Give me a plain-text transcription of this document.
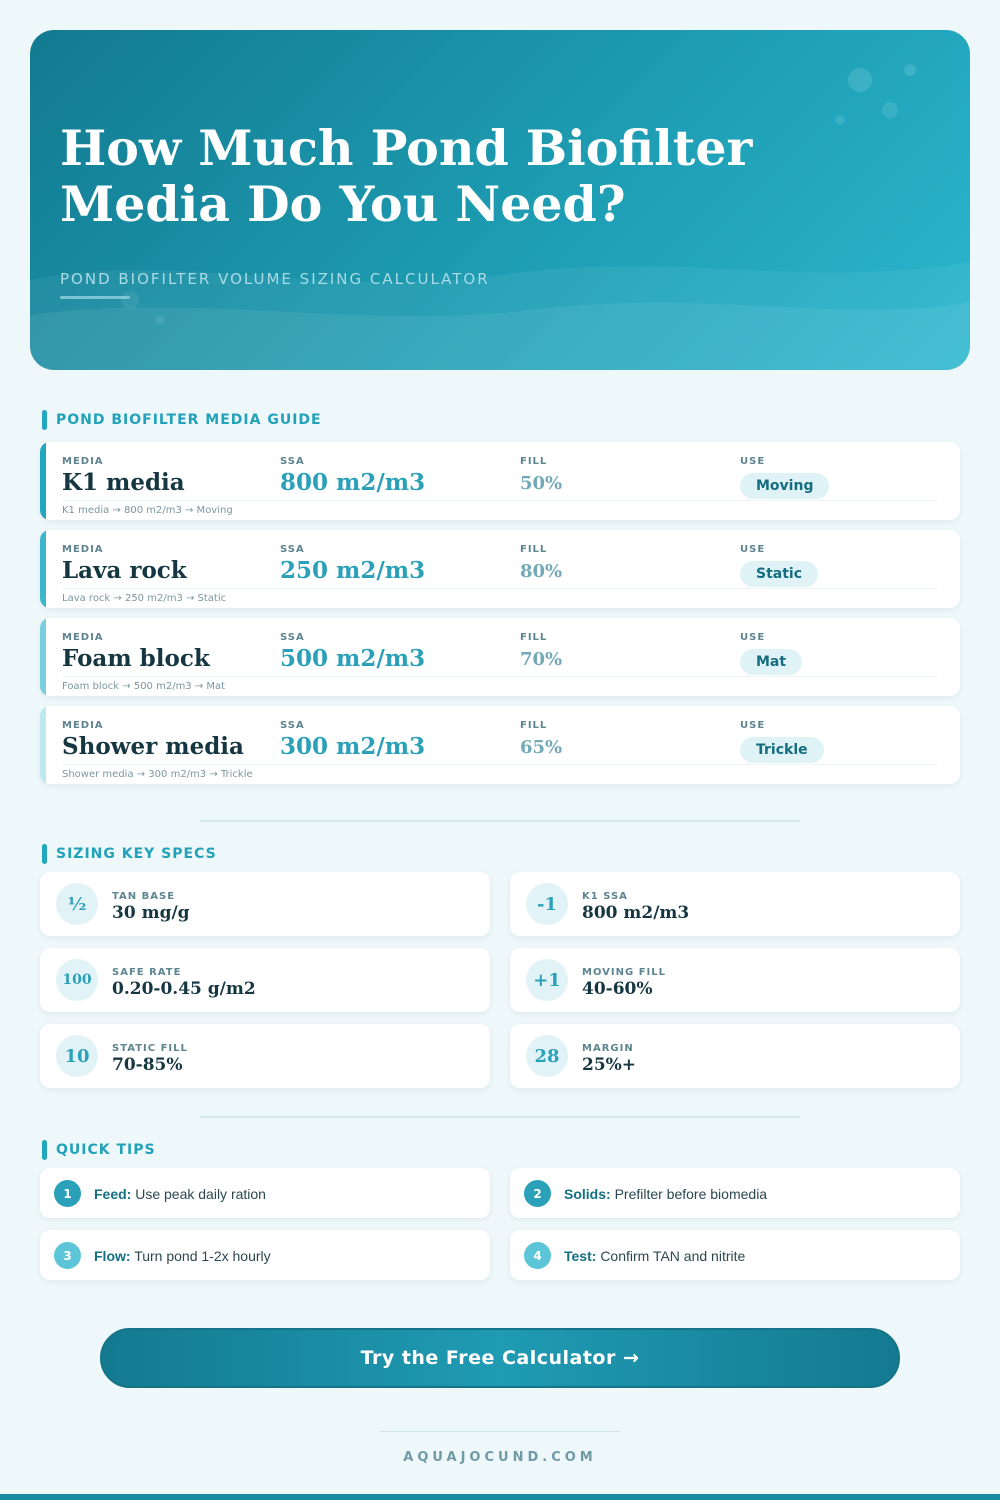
How Much Pond Biofilter
Media Do You Need?
POND BIOFILTER VOLUME SIZING CALCULATOR
POND BIOFILTER MEDIA GUIDE
MEDIA
K1 media
SSA
800 m2/m3
FILL
50%
USE
Moving
K1 media → 800 m2/m3 → Moving
MEDIA
Lava rock
SSA
250 m2/m3
FILL
80%
USE
Static
Lava rock → 250 m2/m3 → Static
MEDIA
Foam block
SSA
500 m2/m3
FILL
70%
USE
Mat
Foam block → 500 m2/m3 → Mat
MEDIA
Shower media
SSA
300 m2/m3
FILL
65%
USE
Trickle
Shower media → 300 m2/m3 → Trickle
SIZING KEY SPECS
½	TAN BASE
30 mg/g	-1	K1 SSA
800 m2/m3
100	SAFE RATE
0.20-0.45 g/m2	+1	MOVING FILL
40-60%
10	STATIC FILL
70-85%	28	MARGIN
25%+
QUICK TIPS
1	Feed: Use peak daily ration	2	Solids: Prefilter before biomedia
3	Flow: Turn pond 1-2x hourly	4	Test: Confirm TAN and nitrite
Try the Free Calculator →
AQUAJOCUND.COM
